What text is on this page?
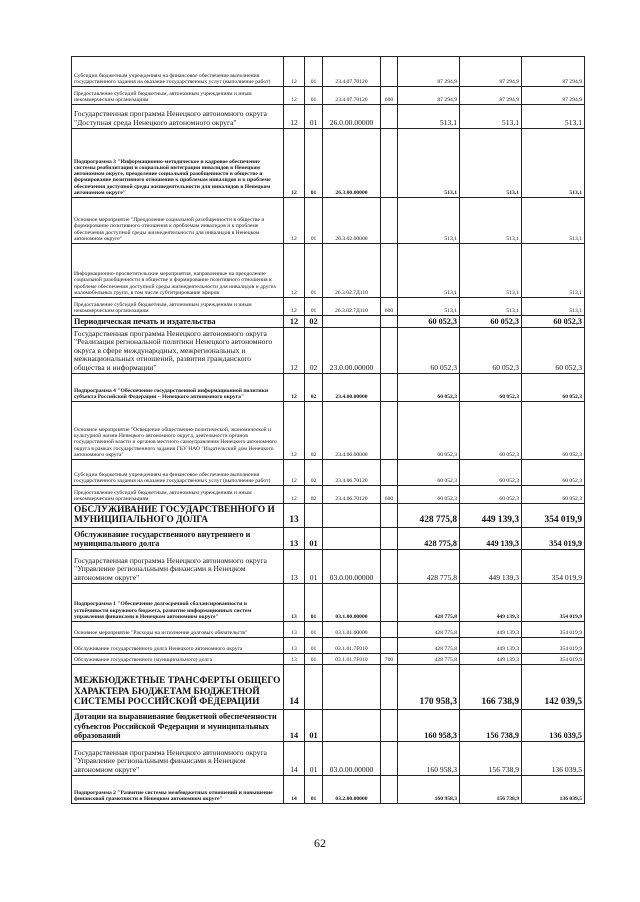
Субсидии бюджетным учреждениям на финансовое обеспечение выполнения государственного задания на оказание государственных услуг (выполнение работ)	12	01	23.4.07.70120		87 294,9	87 294,9	87 294,9
Предоставление субсидий бюджетным, автономным учреждениям и иным некоммерческим организациям	12	01	23.4.07.70120	600	87 294,9	87 294,9	87 294,9
Государственная программа Ненецкого автономного округа "Доступная среда Ненецкого автономного округа"	12	01	26.0.00.00000		513,1	513,1	513,1
Подпрограмма 3 "Информационно-методическое и кадровое обеспечение системы реабилитации и социальной интеграции инвалидов в Ненецком автономном округе, преодоление социальной разобщенности в обществе и формирование позитивного отношения к проблемам инвалидов и к проблеме обеспечения доступной среды жизнедеятельности для инвалидов в Ненецком автономном округе"	12	01	26.3.00.00000		513,1	513,1	513,1
Основное мероприятие "Преодоление социальной разобщенности в обществе и формирование позитивного отношения к проблемам инвалидов и к проблеме обеспечения доступной среды жизнедеятельности для инвалидов в Ненецком автономном округе"	12	01	26.3.02.00000		513,1	513,1	513,1
Информационно-просветительские мероприятия, направленные на преодоление социальной разобщенности в обществе и формирование позитивного отношения к проблеме обеспечения доступной среды жизнедеятельности для инвалидов и других маломобильных групп, в том числе субтитрирование эфиров	12	01	26.3.02.7Д110		513,1	513,1	513,1
Предоставление субсидий бюджетным, автономным учреждениям и иным некоммерческим организациям	12	01	26.3.02.7Д110	600	513,1	513,1	513,1
Периодическая печать и издательства	12	02			60 052,3	60 052,3	60 052,3
Государственная программа Ненецкого автономного округа "Реализация региональной политики Ненецкого автономного округа в сфере международных, межрегиональных и межнациональных отношений, развития гражданского общества и информации"	12	02	23.0.00.00000		60 052,3	60 052,3	60 052,3
Подпрограмма 4 "Обеспечение государственной информационной политики субъекта Российской Федерации – Ненецкого автономного округа"	12	02	23.4.00.00000		60 052,3	60 052,3	60 052,3
Основное мероприятие "Освещение общественно-политической, экономической и культурной жизни Ненецкого автономного округа, деятельности органов государственной власти и органов местного самоуправления Ненецкого автономного округа в рамках государственного задания ГБУ НАО "Издательский дом Ненецкого автономного округа"	12	02	23.4.06.00000		60 052,3	60 052,3	60 052,3
Субсидии бюджетным учреждениям на финансовое обеспечение выполнения государственного задания на оказание государственных услуг (выполнение работ)	12	02	23.4.06.70120		60 052,3	60 052,3	60 052,3
Предоставление субсидий бюджетным, автономным учреждениям и иным некоммерческим организациям	12	02	23.4.06.70120	600	60 052,3	60 052,3	60 052,3
ОБСЛУЖИВАНИЕ ГОСУДАРСТВЕННОГО И МУНИЦИПАЛЬНОГО ДОЛГА	13				428 775,8	449 139,3	354 019,9
Обслуживание государственного внутреннего и муниципального долга	13	01			428 775,8	449 139,3	354 019,9
Государственная программа Ненецкого автономного округа "Управление региональными финансами в Ненецком автономном округе"	13	01	03.0.00.00000		428 775,8	449 139,3	354 019,9
Подпрограмма 1 "Обеспечение долгосрочной сбалансированности и устойчивости окружного бюджета, развитие информационных систем управления финансами в Ненецком автономном округе"	13	01	03.1.00.00000		428 775,8	449 139,3	354 019,9
Основное мероприятие "Расходы на исполнение долговых обязательств"	13	01	03.1.01.00000		428 775,8	449 139,3	354 019,9
Обслуживание государственного долга Ненецкого автономного округа	13	01	03.1.01.7F010		428 775,8	449 139,3	354 019,9
Обслуживание государственного (муниципального) долга	13	01	03.1.01.7F010	700	428 775,8	449 139,3	354 019,9
МЕЖБЮДЖЕТНЫЕ ТРАНСФЕРТЫ ОБЩЕГО ХАРАКТЕРА БЮДЖЕТАМ БЮДЖЕТНОЙ СИСТЕМЫ РОССИЙСКОЙ ФЕДЕРАЦИИ	14				170 958,3	166 738,9	142 039,5
Дотации на выравнивание бюджетной обеспеченности субъектов Российской Федерации и муниципальных образований	14	01			160 958,3	156 738,9	136 039,5
Государственная программа Ненецкого автономного округа "Управление региональными финансами в Ненецком автономном округе"	14	01	03.0.00.00000		160 958,3	156 738,9	136 039,5
Подпрограмма 2 "Развитие системы межбюджетных отношений и повышение финансовой грамотности в Ненецком автономном округе"	14	01	03.2.00.00000		160 958,3	156 738,9	136 039,5
62
